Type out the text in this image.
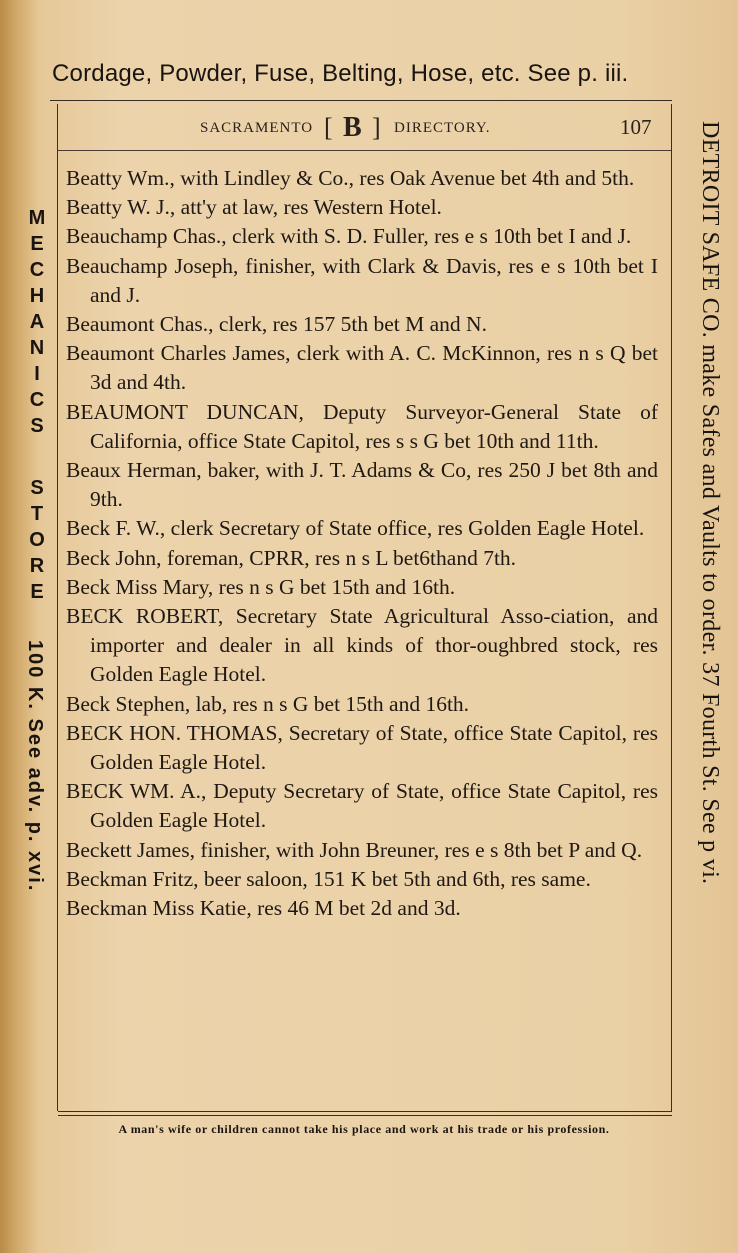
Cordage, Powder, Fuse, Belting, Hose, etc. See p. iii.
SACRAMENTO [ B ] DIRECTORY.	107
Beatty Wm., with Lindley & Co., res Oak Avenue bet 4th and 5th.
Beatty W. J., att'y at law, res Western Hotel.
Beauchamp Chas., clerk with S. D. Fuller, res e s 10th bet I and J.
Beauchamp Joseph, finisher, with Clark & Davis, res e s 10th bet I and J.
Beaumont Chas., clerk, res 157 5th bet M and N.
Beaumont Charles James, clerk with A. C. McKinnon, res n s Q bet 3d and 4th.
BEAUMONT DUNCAN, Deputy Surveyor-General State of California, office State Capitol, res s s G bet 10th and 11th.
Beaux Herman, baker, with J. T. Adams & Co, res 250 J bet 8th and 9th.
Beck F. W., clerk Secretary of State office, res Golden Eagle Hotel.
Beck John, foreman, CPRR, res n s L bet6thand 7th.
Beck Miss Mary, res n s G bet 15th and 16th.
BECK ROBERT, Secretary State Agricultural Asso-ciation, and importer and dealer in all kinds of thor-oughbred stock, res Golden Eagle Hotel.
Beck Stephen, lab, res n s G bet 15th and 16th.
BECK HON. THOMAS, Secretary of State, office State Capitol, res Golden Eagle Hotel.
BECK WM. A., Deputy Secretary of State, office State Capitol, res Golden Eagle Hotel.
Beckett James, finisher, with John Breuner, res e s 8th bet P and Q.
Beckman Fritz, beer saloon, 151 K bet 5th and 6th, res same.
Beckman Miss Katie, res 46 M bet 2d and 3d.
A man's wife or children cannot take his place and work at his trade or his profession.
M
E
C
H
A
N
I
C
S
S
T
O
R
E
100 K. See adv. p. xvi.	DETROIT SAFE CO. make Safes and Vaults to order. 37 Fourth St. See p vi.
